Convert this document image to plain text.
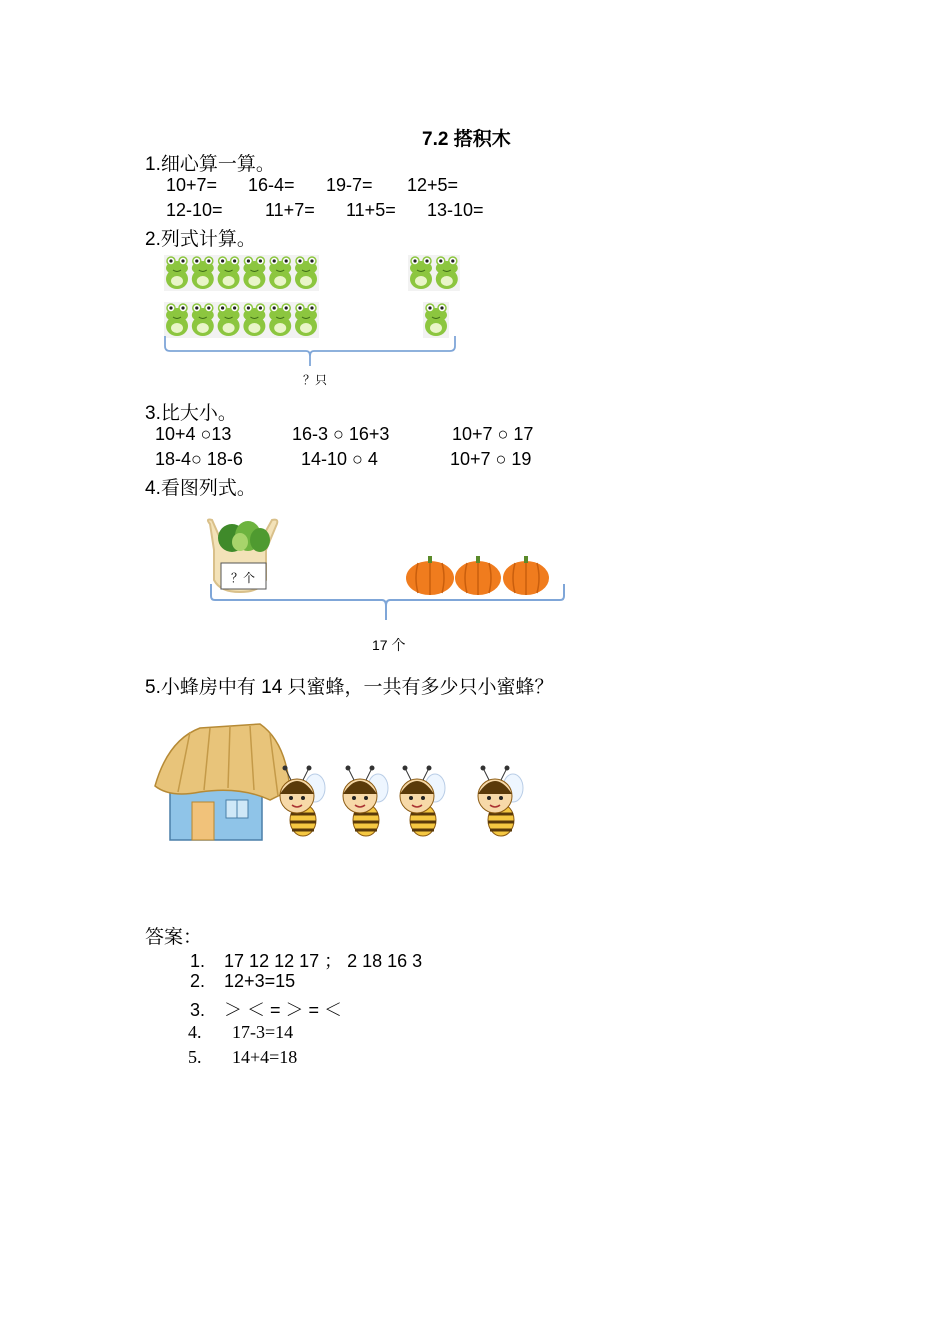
7.2 搭积木
1.细心算一算。
10+7= 16-4= 19-7= 12+5=
12-10= 11+7= 11+5= 13-10=
2.列式计算。
？只
3.比大小。
10+4 ○13	16-3 ○ 16+3	10+7 ○ 17
18-4○ 18-6	14-10 ○ 4	10+7 ○ 19
4.看图列式。
？个
17 个
5.小蜂房中有 14 只蜜蜂，一共有多少只小蜜蜂？
答案：
1. 17 12 12 17 ； 2 18 16 3
2. 12+3=15
3. ＞ ＜ = ＞ = ＜
4. 17-3=14
5. 14+4=18
